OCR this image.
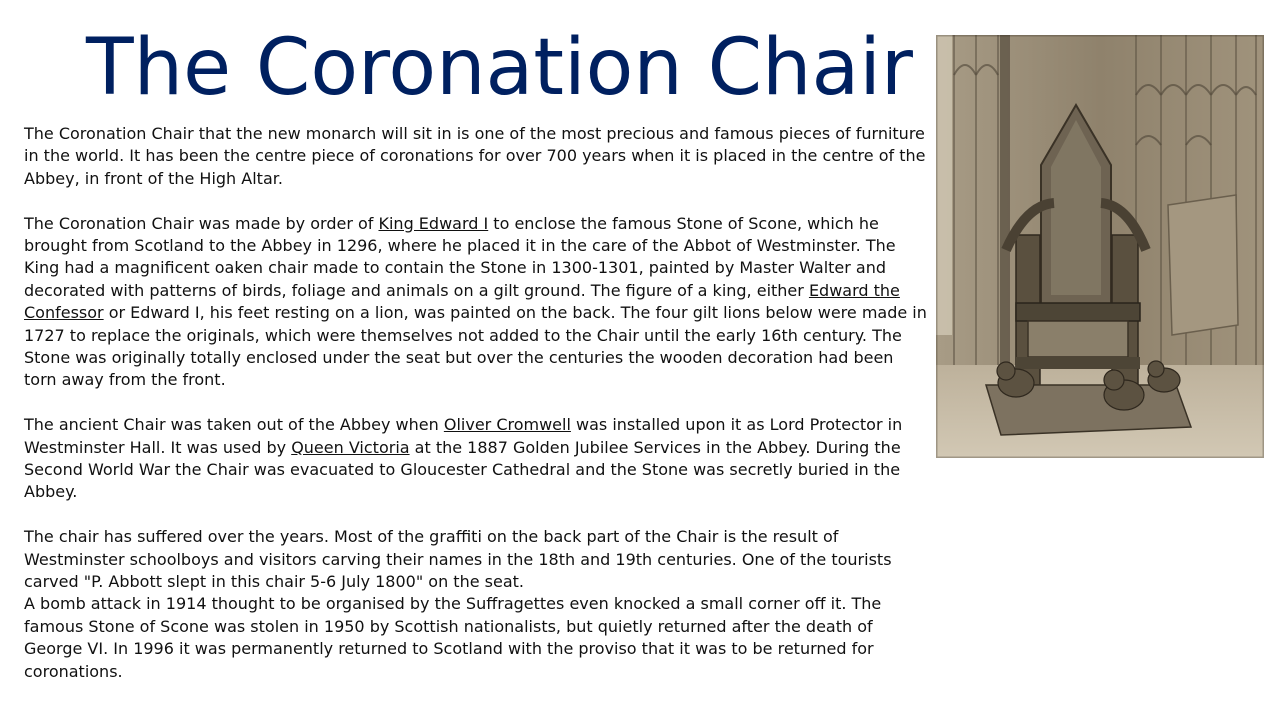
The Coronation Chair

The Coronation Chair that the new monarch will sit in is one of the most precious and famous pieces of furniture in the world. It has been the centre piece of coronations for over 700 years when it is placed in the centre of the Abbey, in front of the High Altar.

The Coronation Chair was made by order of King Edward I to enclose the famous Stone of Scone, which he brought from Scotland to the Abbey in 1296, where he placed it in the care of the Abbot of Westminster. The King had a magnificent oaken chair made to contain the Stone in 1300-1301, painted by Master Walter and decorated with patterns of birds, foliage and animals on a gilt ground. The figure of a king, either Edward the Confessor or Edward I, his feet resting on a lion, was painted on the back. The four gilt lions below were made in 1727 to replace the originals, which were themselves not added to the Chair until the early 16th century. The Stone was originally totally enclosed under the seat but over the centuries the wooden decoration had been torn away from the front.

The ancient Chair was taken out of the Abbey when Oliver Cromwell was installed upon it as Lord Protector in Westminster Hall. It was used by Queen Victoria at the 1887 Golden Jubilee Services in the Abbey. During the Second World War the Chair was evacuated to Gloucester Cathedral and the Stone was secretly buried in the Abbey.

The chair has suffered over the years. Most of the graffiti on the back part of the Chair is the result of Westminster schoolboys and visitors carving their names in the 18th and 19th centuries. One of the tourists carved "P. Abbott slept in this chair 5-6 July 1800" on the seat.

A bomb attack in 1914 thought to be organised by the Suffragettes even knocked a small corner off it. The famous Stone of Scone was stolen in 1950 by Scottish nationalists, but quietly returned after the death of George VI. In 1996 it was permanently returned to Scotland with the proviso that it was to be returned for coronations.
